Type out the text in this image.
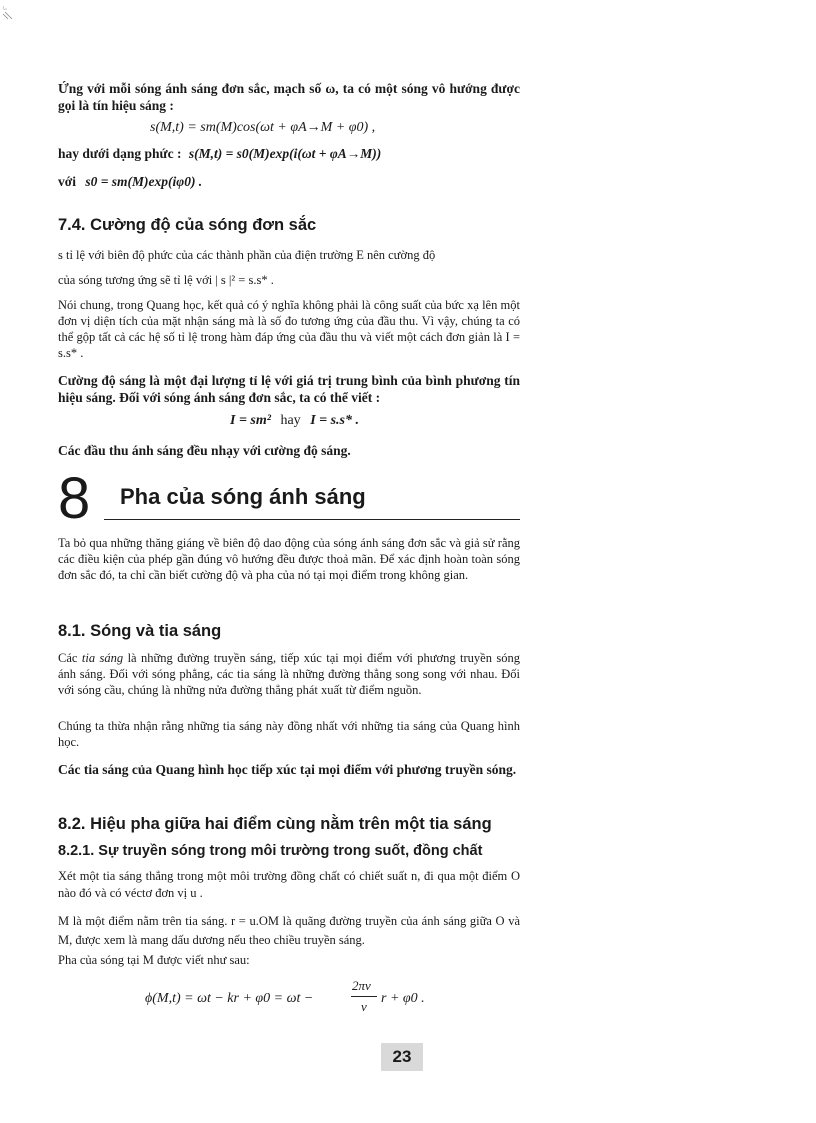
ㄑ
Ứng với mỗi sóng ánh sáng đơn sắc, mạch số ω, ta có một sóng vô hướng được gọi là tín hiệu sáng :
s(M,t) = sm(M)cos(ωt + φA→M + φ0) ,
hay dưới dạng phức : s(M,t) = s0(M)exp(i(ωt + φA→M))
với s0 = sm(M)exp(iφ0) .
7.4. Cường độ của sóng đơn sắc
s tỉ lệ với biên độ phức của các thành phần của điện trường E nên cường độ
của sóng tương ứng sẽ tỉ lệ với | s |² = s.s* .
Nói chung, trong Quang học, kết quả có ý nghĩa không phải là công suất của bức xạ lên một đơn vị diện tích của mặt nhận sáng mà là số đo tương ứng của đầu thu. Vì vậy, chúng ta có thể gộp tất cả các hệ số tỉ lệ trong hàm đáp ứng của đầu thu và viết một cách đơn giản là I = s.s* .
Cường độ sáng là một đại lượng tỉ lệ với giá trị trung bình của bình phương tín hiệu sáng. Đối với sóng ánh sáng đơn sắc, ta có thể viết :
I = sm² hay I = s.s* .
Các đầu thu ánh sáng đều nhạy với cường độ sáng.
8 Pha của sóng ánh sáng
Ta bỏ qua những thăng giáng về biên độ dao động của sóng ánh sáng đơn sắc và giả sử rằng các điều kiện của phép gần đúng vô hướng đều được thoả mãn. Để xác định hoàn toàn sóng đơn sắc đó, ta chỉ cần biết cường độ và pha của nó tại mọi điểm trong không gian.
8.1. Sóng và tia sáng
Các tia sáng là những đường truyền sáng, tiếp xúc tại mọi điểm với phương truyền sóng ánh sáng. Đối với sóng phẳng, các tia sáng là những đường thẳng song song với nhau. Đối với sóng cầu, chúng là những nửa đường thẳng phát xuất từ điểm nguồn.
Chúng ta thừa nhận rằng những tia sáng này đồng nhất với những tia sáng của Quang hình học.
Các tia sáng của Quang hình học tiếp xúc tại mọi điểm với phương truyền sóng.
8.2. Hiệu pha giữa hai điểm cùng nằm trên một tia sáng
8.2.1. Sự truyền sóng trong môi trường trong suốt, đồng chất
Xét một tia sáng thẳng trong một môi trường đồng chất có chiết suất n, đi qua một điểm O nào đó và có véctơ đơn vị u .
M là một điểm nằm trên tia sáng. r = u.OM là quãng đường truyền của ánh sáng giữa O và M, được xem là mang dấu dương nếu theo chiều truyền sáng.
Pha của sóng tại M được viết như sau:
ϕ(M,t) = ωt − kr + φ0 = ωt −
2πν
v
r + φ0 .
23
